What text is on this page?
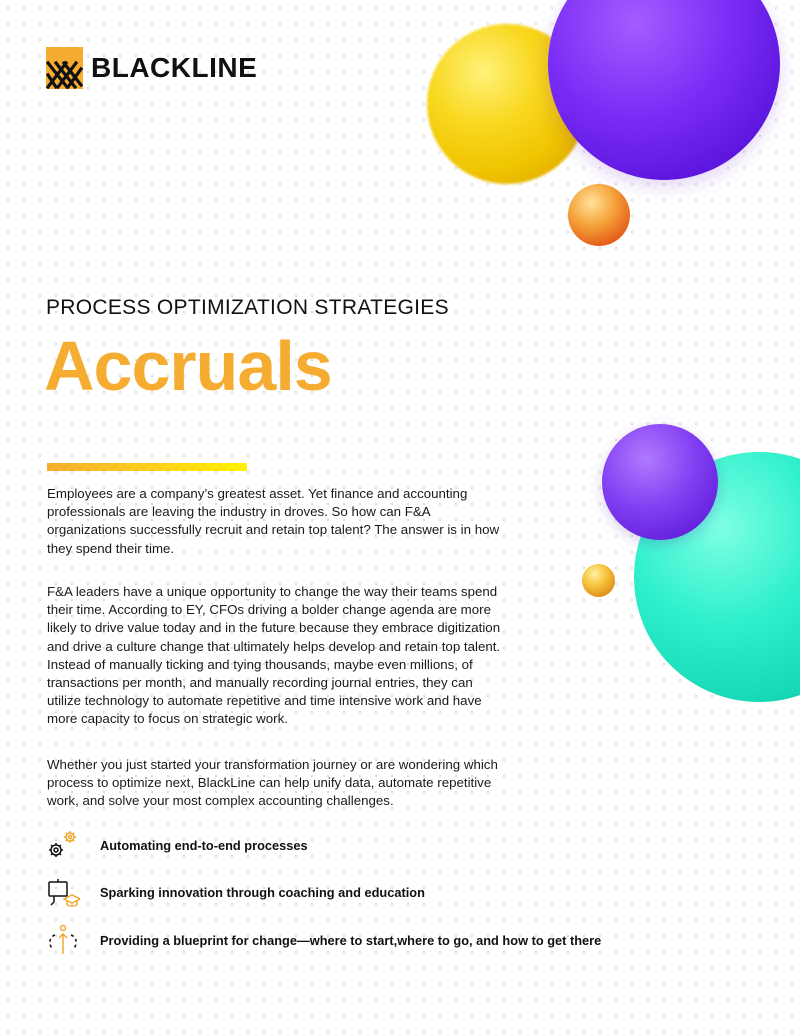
BLACKLINE
PROCESS OPTIMIZATION STRATEGIES
Accruals

Employees are a company’s greatest asset. Yet finance and accounting professionals are leaving the industry in droves. So how can F&A organizations successfully recruit and retain top talent? The answer is in how they spend their time.

F&A leaders have a unique opportunity to change the way their teams spend their time. According to EY, CFOs driving a bolder change agenda are more likely to drive value today and in the future because they embrace digitization and drive a culture change that ultimately helps develop and retain top talent. Instead of manually ticking and tying thousands, maybe even millions, of transactions per month, and manually recording journal entries, they can utilize technology to automate repetitive and time intensive work and have more capacity to focus on strategic work.

Whether you just started your transformation journey or are wondering which process to optimize next, BlackLine can help unify data, automate repetitive work, and solve your most complex accounting challenges.

Automating end-to-end processes
Sparking innovation through coaching and education
Providing a blueprint for change—where to start,where to go, and how to get there
